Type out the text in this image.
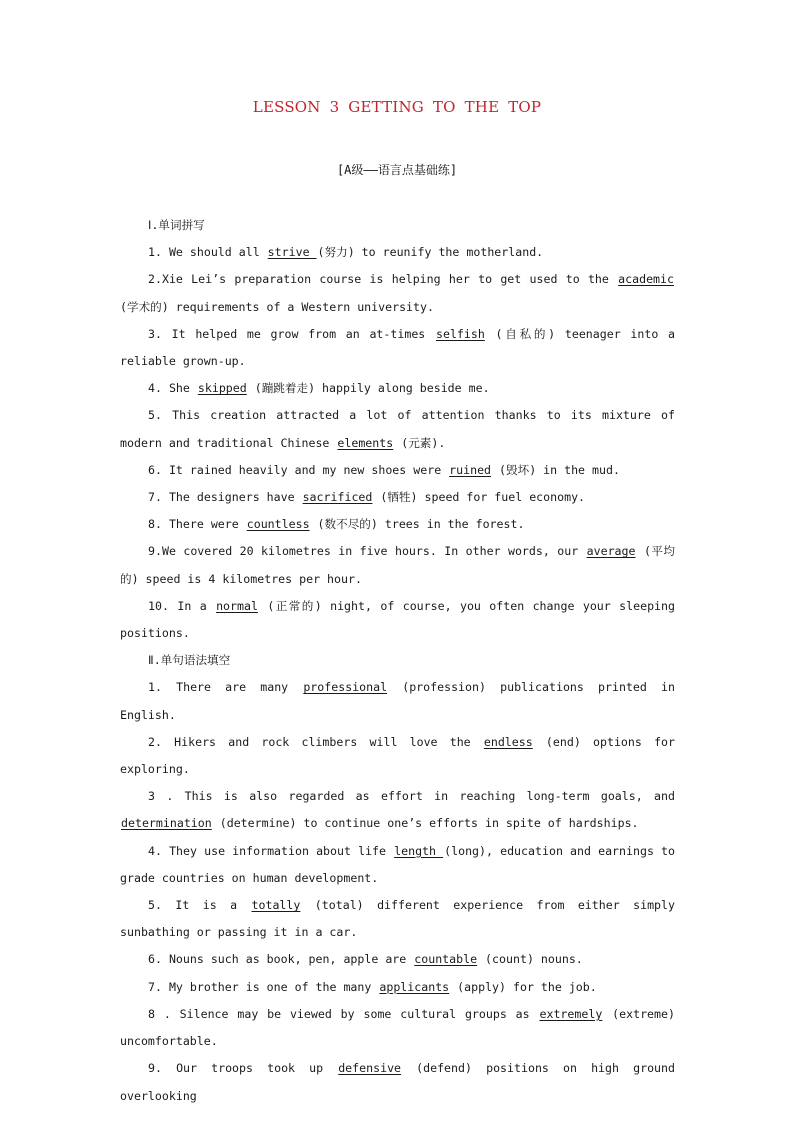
LESSON 3 GETTING TO THE TOP
[A级——语言点基础练]
Ⅰ.单词拼写
1. We should all strive (努力) to reunify the motherland.
2.Xie Lei’s preparation course is helping her to get used to the academic (学术的) requirements of a Western university.
3. It helped me grow from an at-times selfish (自私的) teenager into a reliable grown-up.
4. She skipped (蹦跳着走) happily along beside me.
5. This creation attracted a lot of attention thanks to its mixture of modern and traditional Chinese elements (元素).
6. It rained heavily and my new shoes were ruined (毁坏) in the mud.
7. The designers have sacrificed (牺牲) speed for fuel economy.
8. There were countless (数不尽的) trees in the forest.
9.We covered 20 kilometres in five hours. In other words, our average (平均的) speed is 4 kilometres per hour.
10. In a normal (正常的) night, of course, you often change your sleeping positions.
Ⅱ.单句语法填空
1. There are many professional (profession) publications printed in English.
2. Hikers and rock climbers will love the endless (end) options for exploring.
3 . This is also regarded as effort in reaching long-term goals, and determination (determine) to continue one’s efforts in spite of hardships.
4. They use information about life length (long), education and earnings to grade countries on human development.
5. It is a totally (total) different experience from either simply sunbathing or passing it in a car.
6. Nouns such as book, pen, apple are countable (count) nouns.
7. My brother is one of the many applicants (apply) for the job.
8 . Silence may be viewed by some cultural groups as extremely (extreme) uncomfortable.
9. Our troops took up defensive (defend) positions on high ground overlooking
